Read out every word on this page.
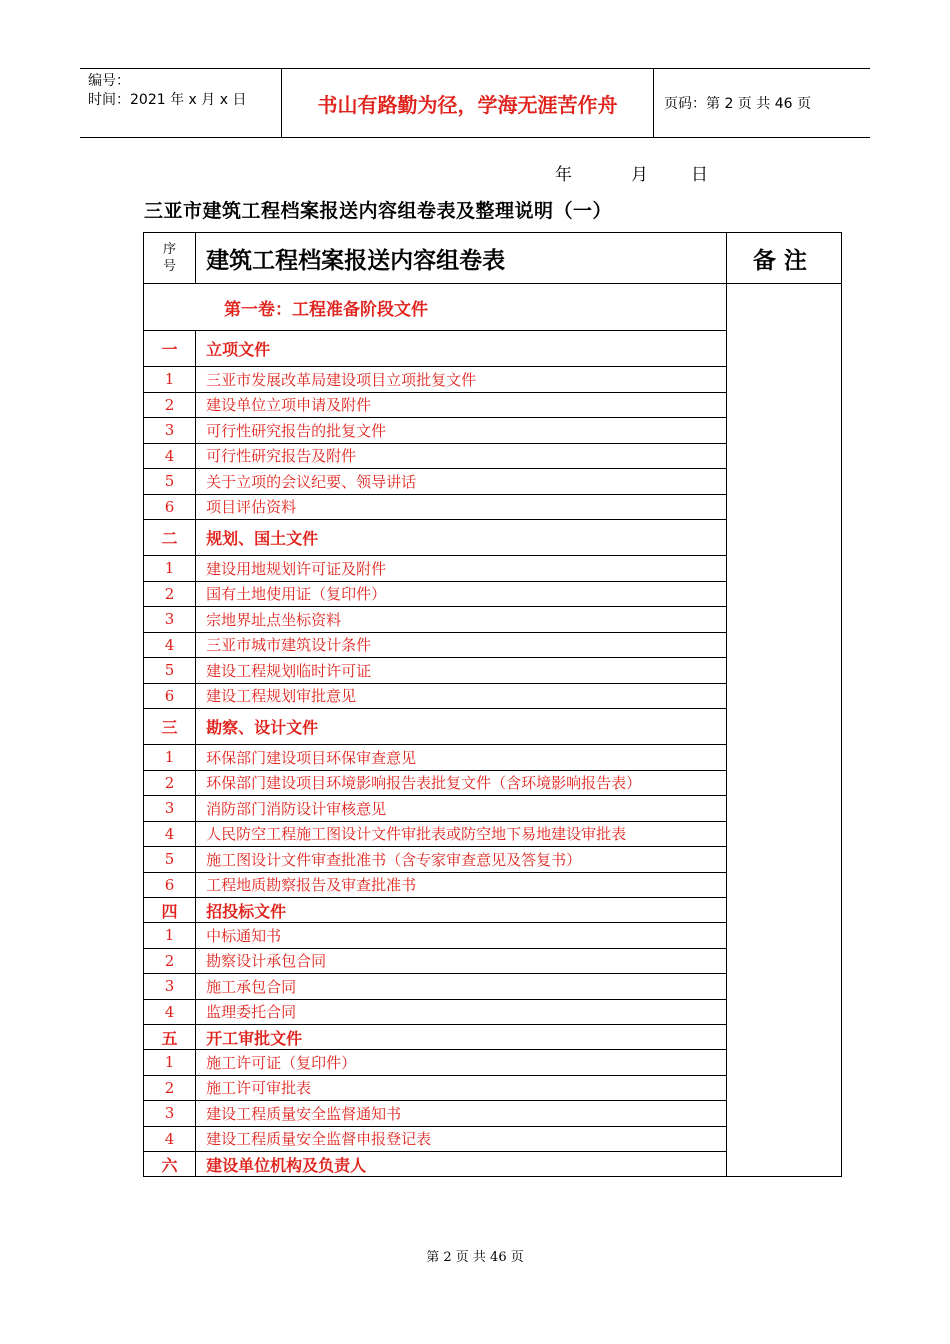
编号：
时间：2021 年 x 月 x 日	书山有路勤为径，学海无涯苦作舟	页码：第 2 页 共 46 页
年	月	日
三亚市建筑工程档案报送内容组卷表及整理说明（一）
序
号	建筑工程档案报送内容组卷表	备注
第一卷：工程准备阶段文件		
一	立项文件	
1	三亚市发展改革局建设项目立项批复文件	
2	建设单位立项申请及附件	
3	可行性研究报告的批复文件	
4	可行性研究报告及附件	
5	关于立项的会议纪要、领导讲话	
6	项目评估资料	
二	规划、国土文件	
1	建设用地规划许可证及附件	
2	国有土地使用证（复印件）	
3	宗地界址点坐标资料	
4	三亚市城市建筑设计条件	
5	建设工程规划临时许可证	
6	建设工程规划审批意见	
三	勘察、设计文件	
1	环保部门建设项目环保审查意见	
2	环保部门建设项目环境影响报告表批复文件（含环境影响报告表）	
3	消防部门消防设计审核意见	
4	人民防空工程施工图设计文件审批表或防空地下易地建设审批表	
5	施工图设计文件审查批准书（含专家审查意见及答复书）	
6	工程地质勘察报告及审查批准书	
四	招投标文件	
1	中标通知书	
2	勘察设计承包合同	
3	施工承包合同	
4	监理委托合同	
五	开工审批文件	
1	施工许可证（复印件）	
2	施工许可审批表	
3	建设工程质量安全监督通知书	
4	建设工程质量安全监督申报登记表	
六	建设单位机构及负责人	
第 2 页 共 46 页
